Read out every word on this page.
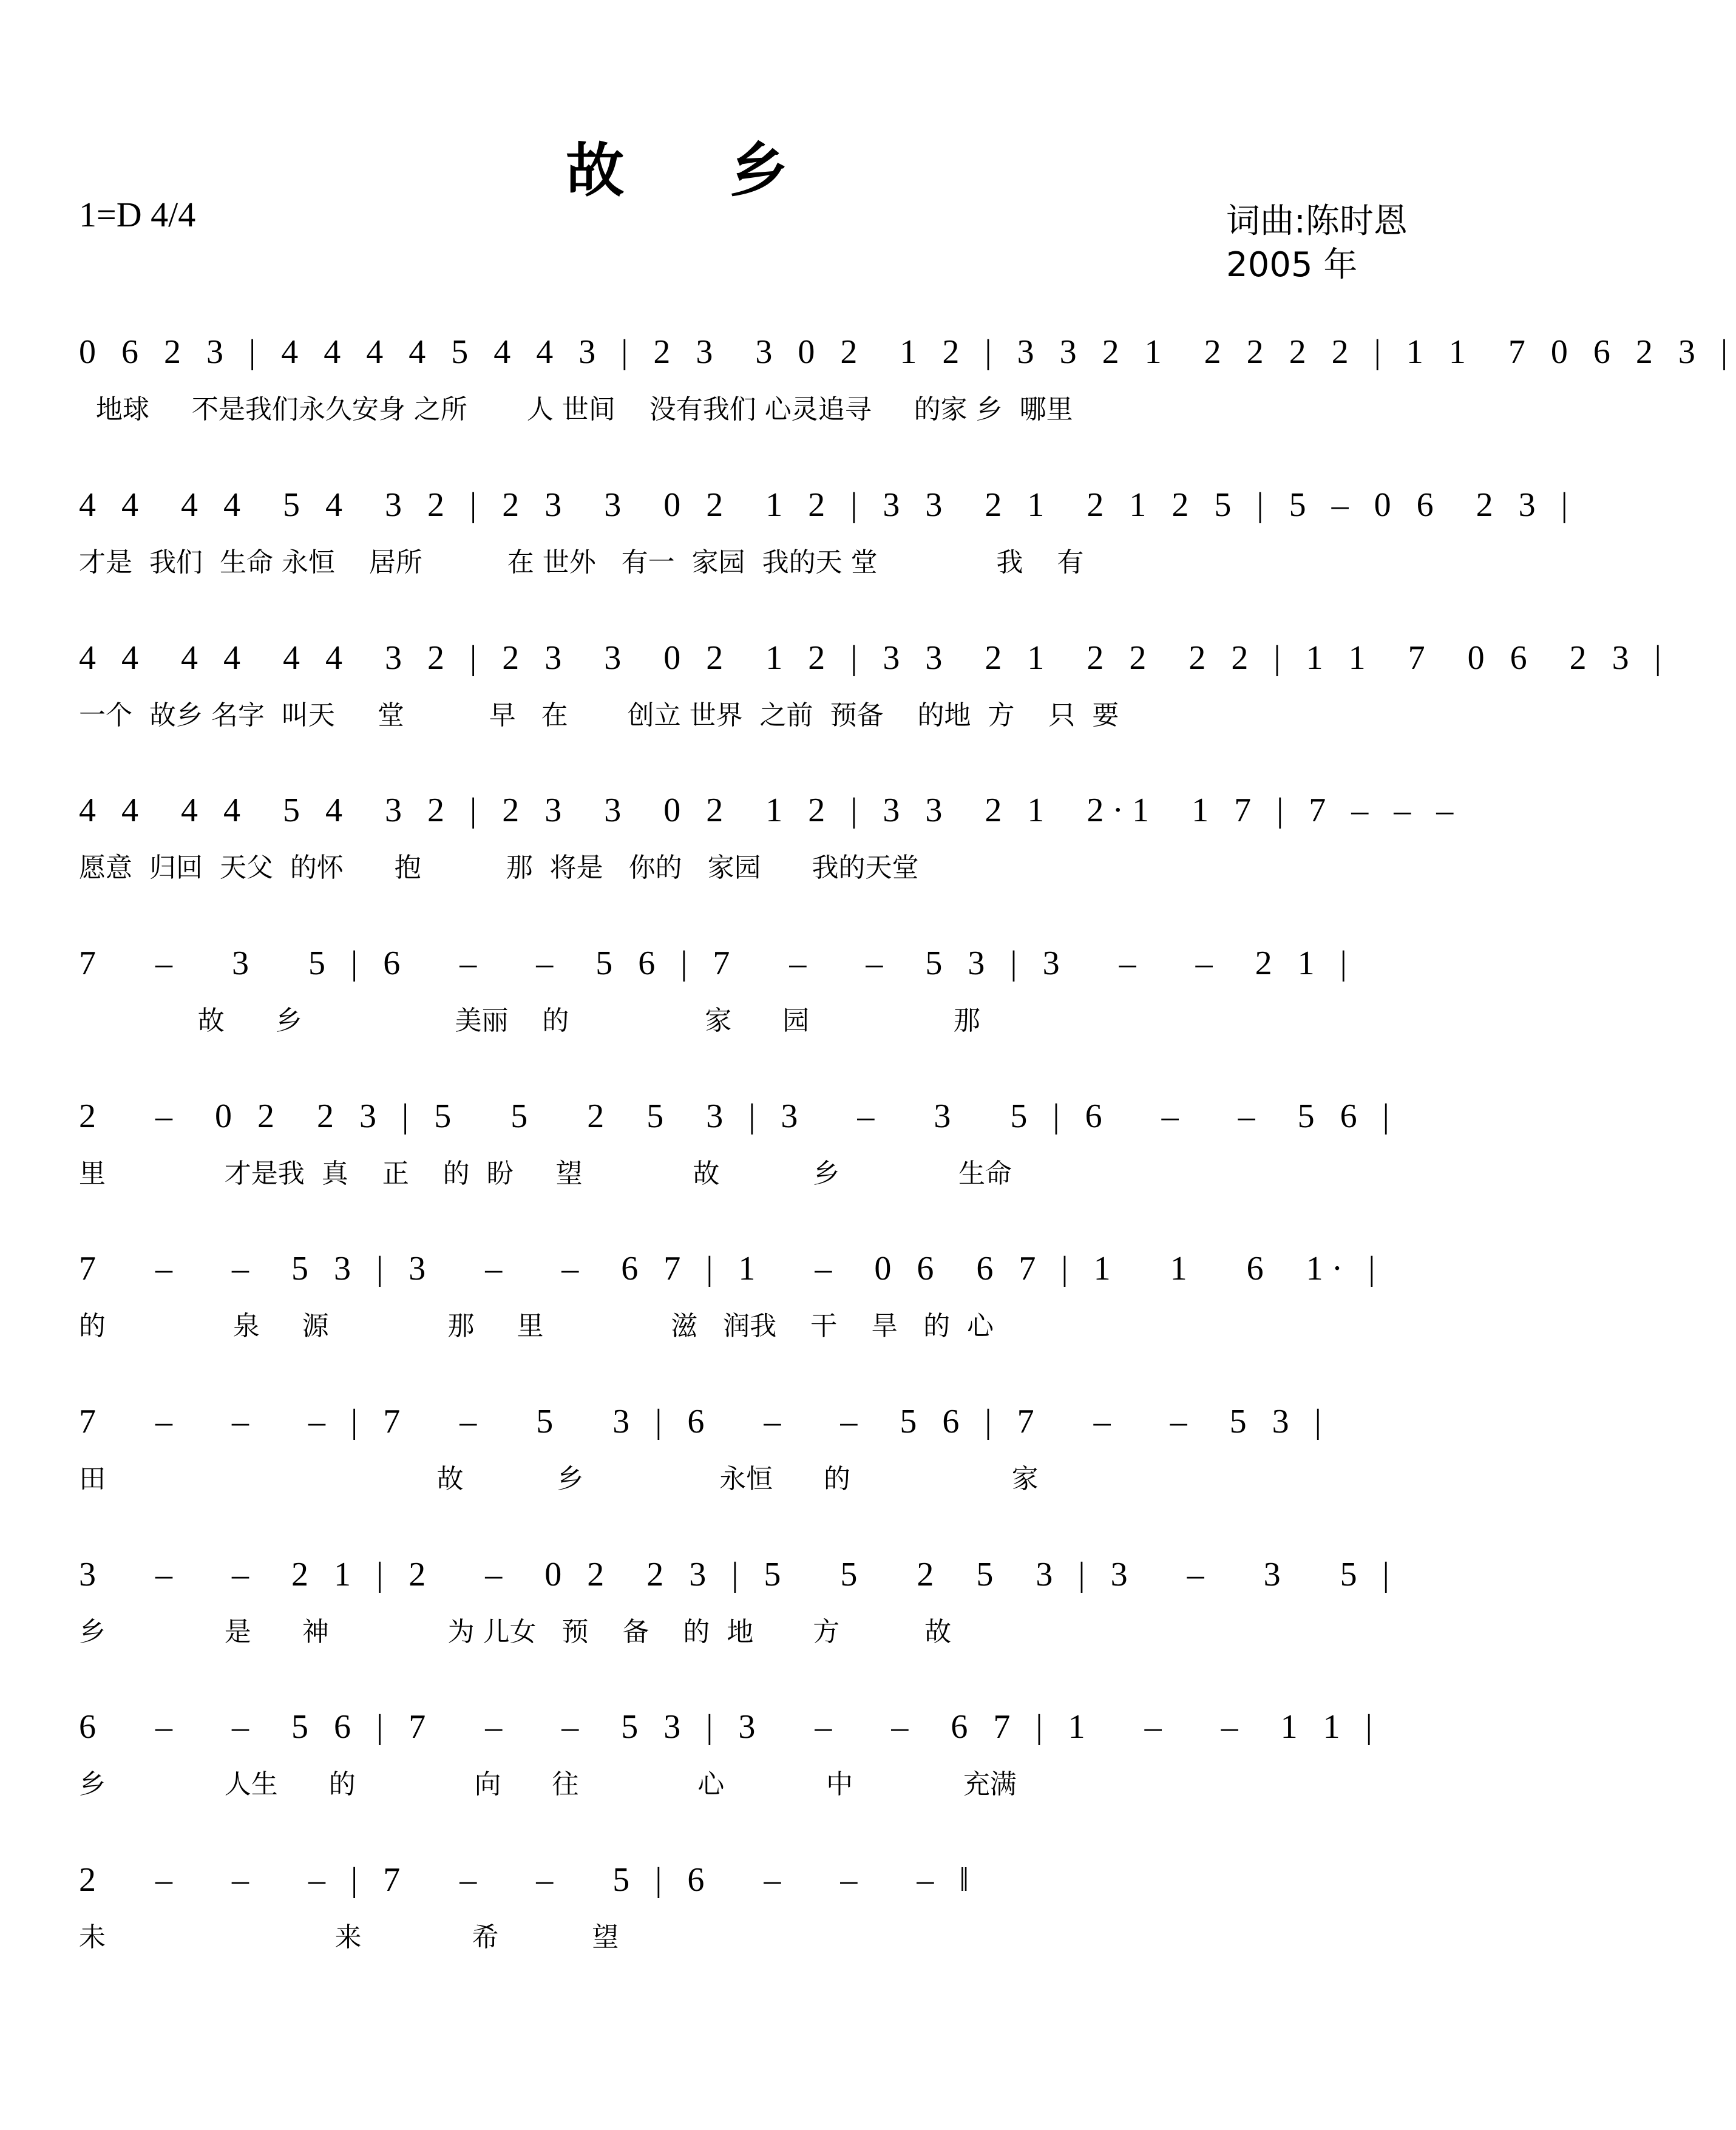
故 乡
1=D 4/4	词曲:陈时恩
2005 年
0 6 2 3 | 4 4 4 4 5 4 4 3 | 2 3  3 0 2  1 2 | 3 3 2 1  2 2 2 2 | 1 1  7 0 6 2 3 |
地球     不是我们永久安身 之所       人 世间    没有我们 心灵追寻     的家 乡  哪里
4 4  4 4  5 4  3 2 | 2 3  3  0 2  1 2 | 3 3  2 1  2 1 2 5 | 5 – 0 6  2 3 |
才是  我们  生命 永恒    居所          在 世外   有一  家园  我的天 堂              我    有
4 4  4 4  4 4  3 2 | 2 3  3  0 2  1 2 | 3 3  2 1  2 2  2 2 | 1 1  7  0 6  2 3 |
一个  故乡 名字  叫天     堂          早   在       创立 世界  之前  预备    的地  方    只  要
4 4  4 4  5 4  3 2 | 2 3  3  0 2  1 2 | 3 3  2 1  2·1  1 7 | 7 – – –
愿意  归回  天父  的怀      抱          那  将是   你的   家园      我的天堂
7   –   3   5 | 6   –   –  5 6 | 7   –   –  5 3 | 3   –   –  2 1 |
故      乡                  美丽    的                家      园                 那
2   –  0 2  2 3 | 5   5   2  5  3 | 3   –   3   5 | 6   –   –  5 6 |
里              才是我  真    正    的  盼     望             故           乡              生命
7   –   –  5 3 | 3   –   –  6 7 | 1   –  0 6  6 7 | 1   1   6  1· |
的               泉     源              那     里               滋   润我    干    旱   的  心
7   –   –   – | 7   –   5   3 | 6   –   –  5 6 | 7   –   –  5 3 |
田                                       故           乡                永恒      的                   家
3   –   –  2 1 | 2   –  0 2  2 3 | 5   5   2  5  3 | 3   –   3   5 |
乡              是      神              为 儿女   预    备    的  地       方          故
6   –   –  5 6 | 7   –   –  5 3 | 3   –   –  6 7 | 1   –   –  1 1 |
乡              人生      的              向      往              心            中             充满
2   –   –   – | 7   –   –   5 | 6   –   –   – ‖
未                           来             希           望
